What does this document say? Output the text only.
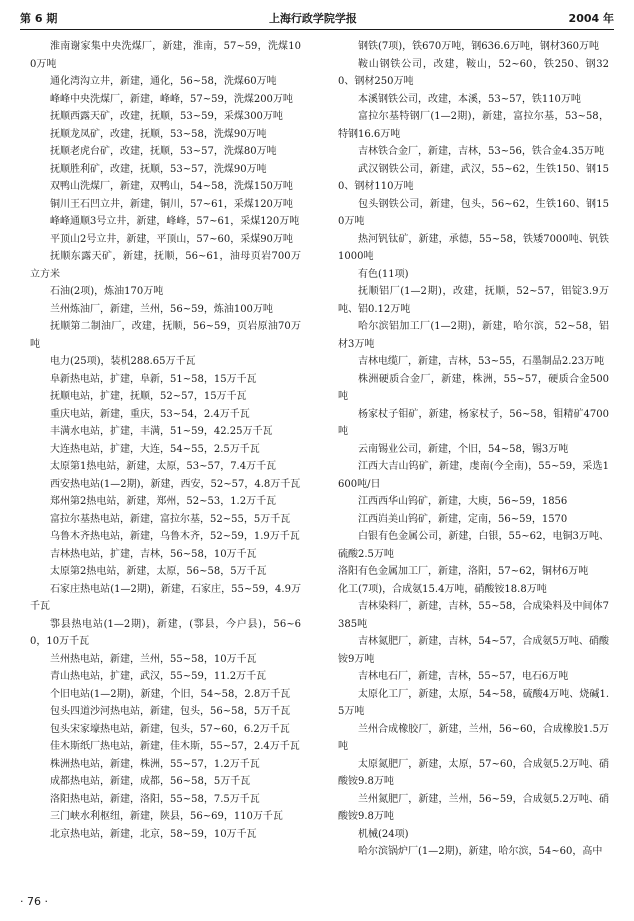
第 6 期	上海行政学院学报	2004 年

淮南谢家集中央洗煤厂，新建，淮南，57~59，洗煤100万吨

通化湾沟立井，新建，通化，56~58，洗煤60万吨

峰峰中央洗煤厂，新建，峰峰，57~59，洗煤200万吨

抚顺西露天矿，改建，抚顺，53~59，采煤300万吨

抚顺龙凤矿，改建，抚顺，53~58，洗煤90万吨

抚顺老虎台矿，改建，抚顺，53~57，洗煤80万吨

抚顺胜利矿，改建，抚顺，53~57，洗煤90万吨

双鸭山洗煤厂，新建，双鸭山，54~58，洗煤150万吨

铜川王石凹立井，新建，铜川，57~61，采煤120万吨

峰峰通顺3号立井，新建，峰峰，57~61，采煤120万吨

平顶山2号立井，新建，平顶山，57~60，采煤90万吨

抚顺东露天矿，新建，抚顺，56~61，油母页岩700万立方米

石油(2项)，炼油170万吨

兰州炼油厂，新建，兰州，56~59，炼油100万吨

抚顺第二制油厂，改建，抚顺，56~59，页岩原油70万吨

电力(25项)，装机288.65万千瓦

阜新热电站，扩建，阜新，51~58，15万千瓦

抚顺电站，扩建，抚顺，52~57，15万千瓦

重庆电站，新建，重庆，53~54，2.4万千瓦

丰满水电站，扩建，丰满，51~59，42.25万千瓦

大连热电站，扩建，大连，54~55，2.5万千瓦

太原第1热电站，新建，太原，53~57，7.4万千瓦

西安热电站(1—2期)，新建，西安，52~57，4.8万千瓦

郑州第2热电站，新建，郑州，52~53，1.2万千瓦

富拉尔基热电站，新建，富拉尔基，52~55，5万千瓦

乌鲁木齐热电站，新建，乌鲁木齐，52~59，1.9万千瓦

吉林热电站，扩建，吉林，56~58，10万千瓦

太原第2热电站，新建，太原，56~58，5万千瓦

石家庄热电站(1—2期)，新建，石家庄，55~59，4.9万千瓦

鄠县热电站(1—2期)，新建，(鄠县，今户县)，56~60，10万千瓦

兰州热电站，新建，兰州，55~58，10万千瓦

青山热电站，扩建，武汉，55~59，11.2万千瓦

个旧电站(1—2期)，新建，个旧，54~58，2.8万千瓦

包头四道沙河热电站，新建，包头，56~58，5万千瓦

包头宋家壕热电站，新建，包头，57~60，6.2万千瓦

佳木斯纸厂热电站，新建，佳木斯，55~57，2.4万千瓦

株洲热电站，新建，株洲，55~57，1.2万千瓦

成都热电站，新建，成都，56~58，5万千瓦

洛阳热电站，新建，洛阳，55~58，7.5万千瓦

三门峡水利枢纽，新建，陕县，56~69，110万千瓦

北京热电站，新建，北京，58~59，10万千瓦

钢铁(7项)，铁670万吨，钢636.6万吨，钢材360万吨

鞍山钢铁公司，改建，鞍山，52~60，铁250、钢320、钢材250万吨

本溪钢铁公司，改建，本溪，53~57，铁110万吨

富拉尔基特钢厂(1—2期)，新建，富拉尔基，53~58，特钢16.6万吨

吉林铁合金厂，新建，吉林，53~56，铁合金4.35万吨

武汉钢铁公司，新建，武汉，55~62，生铁150、钢150、钢材110万吨

包头钢铁公司，新建，包头，56~62，生铁160、钢150万吨

热河钒钛矿，新建，承德，55~58，铁矮7000吨、钒铁1000吨

有色(11项)

抚顺铝厂(1—2期)，改建，抚顺，52~57，铝锭3.9万吨、铝0.12万吨

哈尔滨铝加工厂(1—2期)，新建，哈尔滨，52~58，铝材3万吨

吉林电缆厂，新建，吉林，53~55，石墨制品2.23万吨

株洲硬质合金厂，新建，株洲，55~57，硬质合金500吨

杨家杖子钼矿，新建，杨家杖子，56~58，钼精矿4700吨

云南锡业公司，新建，个旧，54~58，锡3万吨

江西大吉山钨矿，新建，虔南(今全南)，55~59，采选1600吨/日

江西西华山钨矿，新建，大庾，56~59，1856

江西岿美山钨矿，新建，定南，56~59，1570

白银有色金属公司，新建，白银，55~62，电铜3万吨、硫酸2.5万吨

洛阳有色金属加工厂，新建，洛阳，57~62，铜材6万吨

化工(7项)，合成氨15.4万吨，硝酸铵18.8万吨

吉林染料厂，新建，吉林，55~58，合成染料及中间体7385吨

吉林氮肥厂，新建，吉林，54~57，合成氨5万吨、硝酸铵9万吨

吉林电石厂，新建，吉林，55~57，电石6万吨

太原化工厂，新建，太原，54~58，硫酸4万吨、烧碱1.5万吨

兰州合成橡胶厂，新建，兰州，56~60，合成橡胶1.5万吨

太原氮肥厂，新建，太原，57~60，合成氨5.2万吨、硝酸铵9.8万吨

兰州氮肥厂，新建，兰州，56~59，合成氨5.2万吨、硝酸铵9.8万吨

机械(24项)

哈尔滨锅炉厂(1—2期)，新建，哈尔滨，54~60，高中

· 76 ·
